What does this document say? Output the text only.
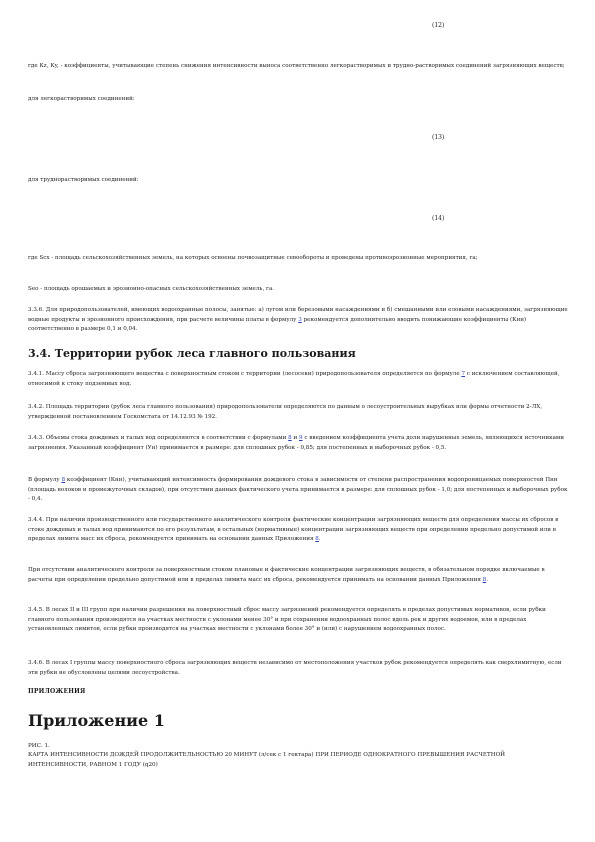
(12)

где Кz, Кy, - коэффициенты, учитывающие степень снижения интенсивности выноса соответственно легкорастворимых и трудно-растворимых соединений загрязняющих веществ;

для легкорастворимых соединений:

(13)

для труднорастворимых соединений:

(14)

где Sсх - площадь сельскохозяйственных земель, на которых освоены почвозащитные севообороты и проведены противоэрозионные мероприятия, га;

Sео - площадь орошаемых и эрозионно-опасных сельскохозяйственных земель, га.

3.3.6. Для природопользователей, имеющих водоохранные полосы, занятые: а) лугом или березовыми насаждениями и б) смешанными или еловыми насаждениями, загрязняющие водные продукты и эрозионного происхождения, при расчете величины платы в формулу 3 рекомендуется дополнительно вводить понижающие коэффициенты (Кнн) соответственно в размере 0,1 и 0,04.

3.4. Территории рубок леса главного пользования

3.4.1. Массу сброса загрязняющего вещества с поверхностным стоком с территории (лесосеки) природопользователя определяется по формуле 7 с исключением составляющей, относимой к стоку подземных вод.

3.4.2. Площадь территории (рубок леса главного пользования) природопользователи определяются по данным о лесоустроительных вырубках или формы отчетности 2-ЛХ, утвержденной постановлением Госкомстата от 14.12.93 № 192.

3.4.3. Объемы стока дождевых и талых вод определяются в соответствии с формулами 8 и 9 с введением коэффициента учета доли нарушенных земель, являющихся источниками загрязнения. Указанный коэффициент (Ун) принимается в размере: для сплошных рубок - 0,85; для постепенных и выборочных рубок - 0,5.

В формулу 8 коэффициент (Кнн), учитывающий интенсивность формирования дождевого стока в зависимости от степени распространения водопроницаемых поверхностей Пнн (площадь волоков и промежуточных складов), при отсутствии данных фактического учета принимается в размере: для сплошных рубок - 1,0; для постепенных и выборочных рубок - 0,4.

3.4.4. При наличии производственного или государственного аналитического контроля фактические концентрации загрязняющих веществ для определения массы их сбросов в стоке дождевых и талых вод принимаются по его результатам, в остальных (нормативные) концентрации загрязняющих веществ при определении предельно допустимой или в пределах лимита масс их сброса, рекомендуется принимать на основании данных Приложения 8.

При отсутствии аналитического контроля за поверхностным стоком плановые и фактические концентрации загрязняющих веществ, в обязательном порядке включаемые в расчеты при определении предельно допустимой или в пределах лимита масс их сброса, рекомендуется принимать на основании данных Приложения 8.

3.4.5. В лесах II и III групп при наличии разрешения на поверхностный сброс массу загрязнений рекомендуется определять в пределах допустимых нормативов, если рубки главного пользования производятся на участках местности с уклонами менее 30° и при сохранении водоохранных полос вдоль рек и других водоемов, или в пределах установленных лимитов, если рубки производятся на участках местности с уклонами более 30° и (или) с нарушением водоохранных полос.

3.4.6. В лесах I группы массу поверхностного сброса загрязняющих веществ независимо от местоположения участков рубок рекомендуется определять как сверхлимитную, если эти рубки не обусловлены целями лесоустройства.

ПРИЛОЖЕНИЯ
Приложение 1

РИС. 1.

КАРТА ИНТЕНСИВНОСТИ ДОЖДЕЙ ПРОДОЛЖИТЕЛЬНОСТЬЮ 20 МИНУТ (л/сек с 1 гектара) ПРИ ПЕРИОДЕ ОДНОКРАТНОГО ПРЕВЫШЕНИЯ РАСЧЕТНОЙ ИНТЕНСИВНОСТИ, РАВНОМ 1 ГОДУ (q20)
